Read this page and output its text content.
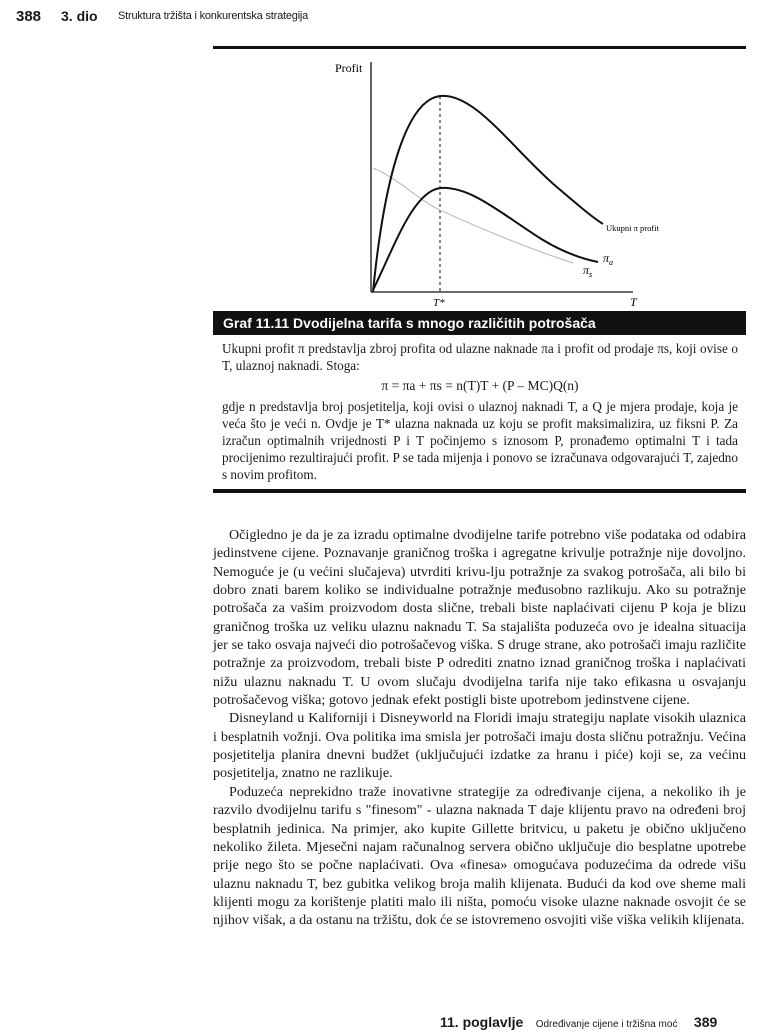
388 3. dio Struktura tržišta i konkurentska strategija
Profit
Ukupni π profit
$\pi_a$
$\pi_s$
T*	T
Graf 11.11 Dvodijelna tarifa s mnogo različitih potrošača

Ukupni profit π predstavlja zbroj profita od ulazne naknade πa i profit od prodaje πs, koji ovise o T, ulaznoj naknadi. Stoga:

π = πa + πs = n(T)T + (P – MC)Q(n)

gdje n predstavlja broj posjetitelja, koji ovisi o ulaznoj naknadi T, a Q je mjera prodaje, koja je veća što je veći n. Ovdje je T* ulazna naknada uz koju se profit maksimalizira, uz fiksni P. Za izračun optimalnih vrijednosti P i T počinjemo s iznosom P, pronađemo optimalni T i tada procijenimo rezultirajući profit. P se tada mijenja i ponovo se izračunava odgovarajući T, zajedno s novim profitom.

Očigledno je da je za izradu optimalne dvodijelne tarife potrebno više podataka od odabira jedinstvene cijene. Poznavanje graničnog troška i agregatne krivulje potražnje nije dovoljno. Nemoguće je (u većini slučajeva) utvrditi krivu-lju potražnje za svakog potrošača, ali bilo bi dobro znati barem koliko se individualne potražnje međusobno razlikuju. Ako su potražnje potrošača za vašim proizvodom dosta slične, trebali biste naplaćivati cijenu P koja je blizu graničnog troška uz veliku ulaznu naknadu T. Sa stajališta poduzeća ovo je idealna situacija jer se tako osvaja najveći dio potrošačevog viška. S druge strane, ako potrošači imaju različite potražnje za proizvodom, trebali biste P odrediti znatno iznad graničnog troška i naplaćivati nižu ulaznu naknadu T. U ovom slučaju dvodijelna tarifa nije tako efikasna u osvajanju potrošačevog viška; gotovo jednak efekt postigli biste upotrebom jedinstvene cijene.

Disneyland u Kaliforniji i Disneyworld na Floridi imaju strategiju naplate visokih ulaznica i besplatnih vožnji. Ova politika ima smisla jer potrošači imaju dosta sličnu potražnju. Većina posjetitelja planira dnevni budžet (uključujući izdatke za hranu i piće) koji se, za većinu posjetitelja, znatno ne razlikuje.

Poduzeća neprekidno traže inovativne strategije za određivanje cijena, a nekoliko ih je razvilo dvodijelnu tarifu s "finesom" - ulazna naknada T daje klijentu pravo na određeni broj besplatnih jedinica. Na primjer, ako kupite Gillette britvicu, u paketu je obično uključeno nekoliko žileta. Mjesečni najam računalnog servera obično uključuje dio besplatne upotrebe prije nego što se počne naplaćivati. Ova «finesa» omogućava poduzećima da odrede višu ulaznu naknadu T, bez gubitka velikog broja malih klijenata. Budući da kod ove sheme mali klijenti mogu za korištenje platiti malo ili ništa, pomoću visoke ulazne naknade osvojit će se njihov višak, a da ostanu na tržištu, dok će se istovremeno osvojiti više viška velikih klijenata.

11. poglavlje Određivanje cijene i tržišna moć 389
